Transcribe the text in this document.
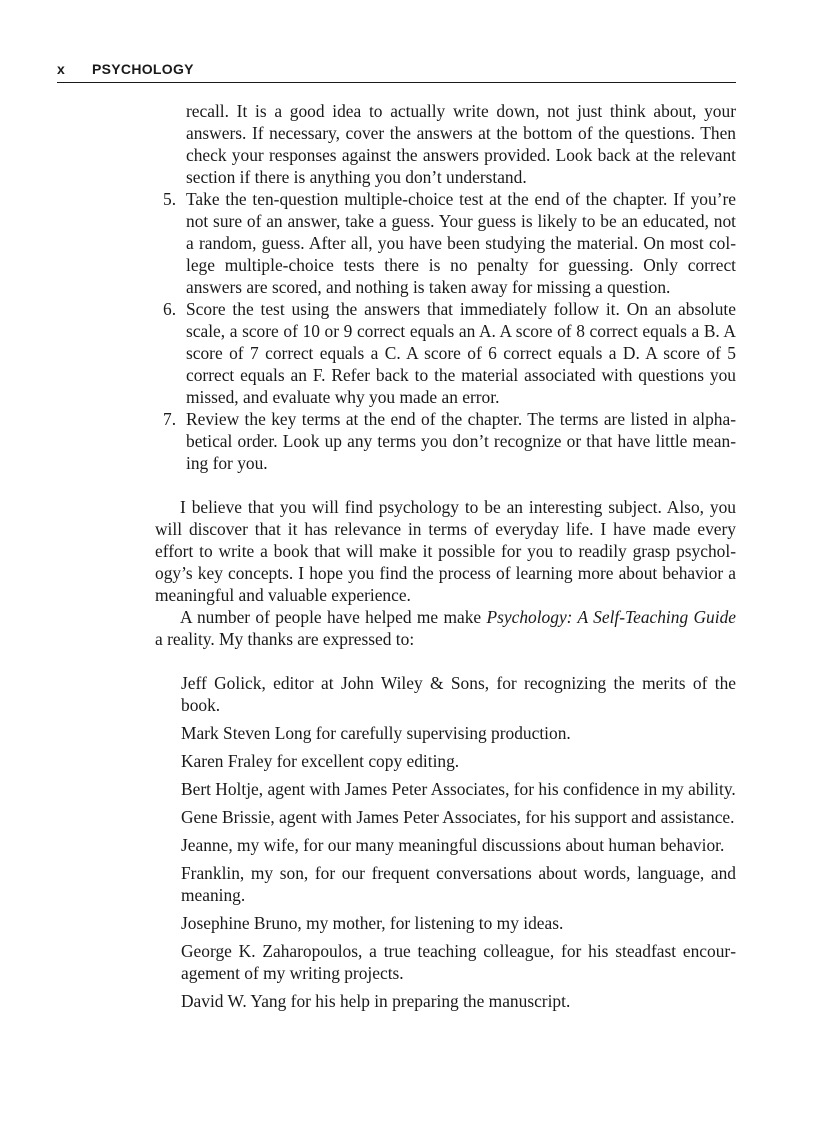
x PSYCHOLOGY

recall. It is a good idea to actually write down, not just think about, your answers. If necessary, cover the answers at the bottom of the questions. Then check your responses against the answers provided. Look back at the relevant section if there is anything you don’t understand.

5. Take the ten-question multiple-choice test at the end of the chapter. If you’re not sure of an answer, take a guess. Your guess is likely to be an educated, not a random, guess. After all, you have been studying the material. On most college multiple-choice tests there is no penalty for guessing. Only correct answers are scored, and nothing is taken away for missing a question.
6. Score the test using the answers that immediately follow it. On an absolute scale, a score of 10 or 9 correct equals an A. A score of 8 correct equals a B. A score of 7 correct equals a C. A score of 6 correct equals a D. A score of 5 correct equals an F. Refer back to the material associated with questions you missed, and evaluate why you made an error.
7. Review the key terms at the end of the chapter. The terms are listed in alphabetical order. Look up any terms you don’t recognize or that have little meaning for you.

I believe that you will find psychology to be an interesting subject. Also, you will discover that it has relevance in terms of everyday life. I have made every effort to write a book that will make it possible for you to readily grasp psychology’s key concepts. I hope you find the process of learning more about behavior a meaningful and valuable experience.

A number of people have helped me make Psychology: A Self-Teaching Guide a reality. My thanks are expressed to:

Jeff Golick, editor at John Wiley & Sons, for recognizing the merits of the book.
Mark Steven Long for carefully supervising production.
Karen Fraley for excellent copy editing.
Bert Holtje, agent with James Peter Associates, for his confidence in my ability.
Gene Brissie, agent with James Peter Associates, for his support and assistance.
Jeanne, my wife, for our many meaningful discussions about human behavior.
Franklin, my son, for our frequent conversations about words, language, and meaning.
Josephine Bruno, my mother, for listening to my ideas.
George K. Zaharopoulos, a true teaching colleague, for his steadfast encouragement of my writing projects.
David W. Yang for his help in preparing the manuscript.
